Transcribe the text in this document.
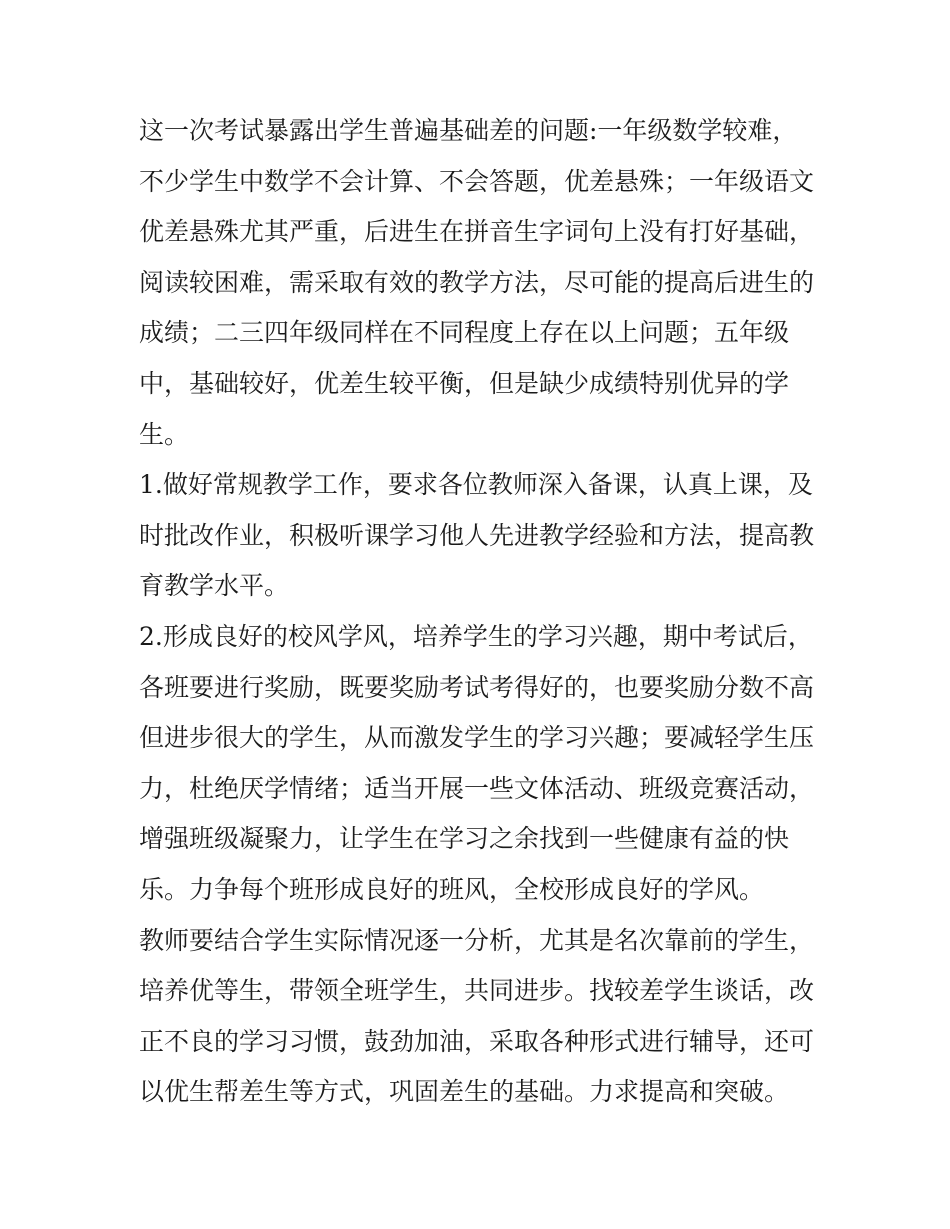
这一次考试暴露出学生普遍基础差的问题:一年级数学较难，
不少学生中数学不会计算、不会答题，优差悬殊；一年级语文
优差悬殊尤其严重，后进生在拼音生字词句上没有打好基础，
阅读较困难，需采取有效的教学方法，尽可能的提高后进生的
成绩；二三四年级同样在不同程度上存在以上问题；五年级
中，基础较好，优差生较平衡，但是缺少成绩特别优异的学
生。
1.做好常规教学工作，要求各位教师深入备课，认真上课，及
时批改作业，积极听课学习他人先进教学经验和方法，提高教
育教学水平。
2.形成良好的校风学风，培养学生的学习兴趣，期中考试后，
各班要进行奖励，既要奖励考试考得好的，也要奖励分数不高
但进步很大的学生，从而激发学生的学习兴趣；要减轻学生压
力，杜绝厌学情绪；适当开展一些文体活动、班级竞赛活动，
增强班级凝聚力，让学生在学习之余找到一些健康有益的快
乐。力争每个班形成良好的班风，全校形成良好的学风。
教师要结合学生实际情况逐一分析，尤其是名次靠前的学生，
培养优等生，带领全班学生，共同进步。找较差学生谈话，改
正不良的学习习惯，鼓劲加油，采取各种形式进行辅导，还可
以优生帮差生等方式，巩固差生的基础。力求提高和突破。
